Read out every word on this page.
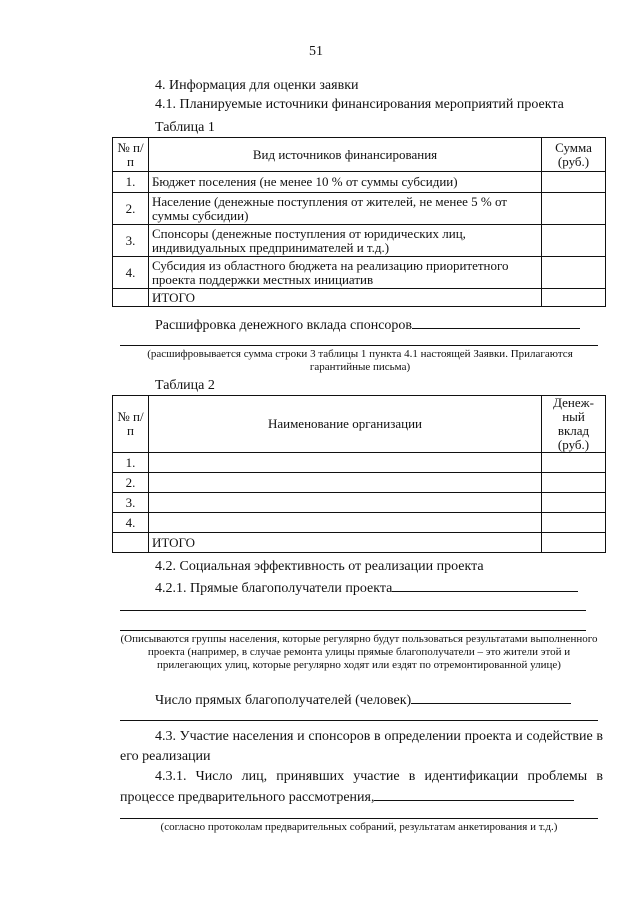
51
4. Информация для оценки заявки
4.1. Планируемые источники финансирования мероприятий проекта
Таблица 1
№ п/п	Вид источников финансирования	Сумма (руб.)
1.	Бюджет поселения (не менее 10 % от суммы субсидии)	
2.	Население (денежные поступления от жителей, не менее 5 % от суммы субсидии)	
3.	Спонсоры (денежные поступления от юридических лиц, индивидуальных предпринимателей и т.д.)	
4.	Субсидия из областного бюджета на реализацию приоритетного проекта поддержки местных инициатив	
	ИТОГО	
Расшифровка денежного вклада спонсоров
(расшифровывается сумма строки 3 таблицы 1 пункта 4.1 настоящей Заявки. Прилагаются гарантийные письма)
Таблица 2
№ п/п	Наименование организации	Денеж-ный вклад (руб.)
1.		
2.		
3.		
4.		
	ИТОГО	
4.2. Социальная эффективность от реализации проекта
4.2.1. Прямые благополучатели проекта
(Описываются группы населения, которые регулярно будут пользоваться результатами выполненного проекта (например, в случае ремонта улицы прямые благополучатели – это жители этой и прилегающих улиц, которые регулярно ходят или ездят по отремонтированной улице)
Число прямых благополучателей (человек)
4.3. Участие населения и спонсоров в определении проекта и содействие в его реализации
4.3.1. Число лиц, принявших участие в идентификации проблемы в процессе предварительного рассмотрения,
(согласно протоколам предварительных собраний, результатам анкетирования и т.д.)
